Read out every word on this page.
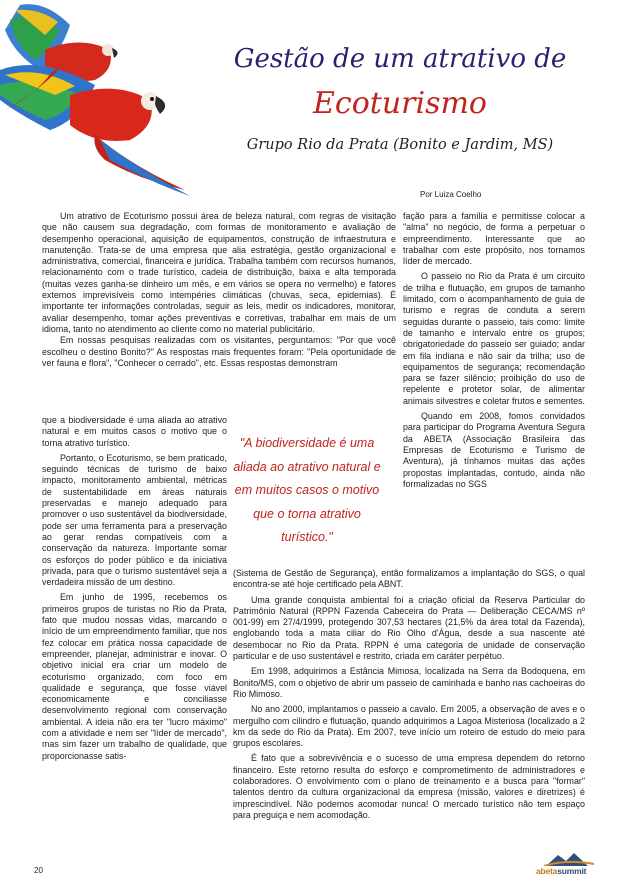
Gestão de um atrativo de
Ecoturismo
Grupo Rio da Prata (Bonito e Jardim, MS)
Por Luiza Coelho

Um atrativo de Ecoturismo possui área de beleza natural, com regras de visitação que não causem sua degradação, com formas de monitoramento e avaliação de desempenho operacional, aquisição de equipamentos, construção de infraestrutura e manutenção. Trata-se de uma empresa que alia estratégia, gestão organizacional e administrativa, comercial, financeira e jurídica. Trabalha também com recursos humanos, relacionamento com o trade turístico, cadeia de distribuição, baixa e alta temporada (muitas vezes ganha-se dinheiro um mês, e em vários se opera no vermelho) e fatores externos imprevisíveis como intempéries climáticas (chuvas, seca, epidemias). É importante ter informações controladas, seguir as leis, medir os indicadores, monitorar, avaliar desempenho, tomar ações preventivas e corretivas, trabalhar em mais de um idioma, tanto no atendimento ao cliente como no material publicitário.

Em nossas pesquisas realizadas com os visitantes, perguntamos: "Por que você escolheu o destino Bonito?" As respostas mais frequentes foram: "Pela oportunidade de ver fauna e flora", "Conhecer o cerrado", etc. Essas respostas demonstram

que a biodiversidade é uma aliada ao atrativo natural e em muitos casos o motivo que o torna atrativo turístico.

Portanto, o Ecoturismo, se bem praticado, seguindo técnicas de turismo de baixo impacto, monitoramento ambiental, métricas de sustentabilidade em áreas naturais preservadas e manejo adequado para promover o uso sustentável da biodiversidade, pode ser uma ferramenta para a preservação ao gerar rendas compatíveis com a conservação da natureza. Importante somar os esforços do poder público e da iniciativa privada, para que o turismo sustentável seja a verdadeira missão de um destino.

Em junho de 1995, recebemos os primeiros grupos de turistas no Rio da Prata, fato que mudou nossas vidas, marcando o início de um empreendimento familiar, que nos fez colocar em prática nossa capacidade de empreender, planejar, administrar e inovar. O objetivo inicial era criar um modelo de ecoturismo organizado, com foco em qualidade e segurança, que fosse viável economicamente e conciliasse desenvolvimento regional com conservação ambiental. A ideia não era ter "lucro máximo" com a atividade e nem ser "líder de mercado", mas sim fazer um trabalho de qualidade, que proporcionasse satis-

"A biodiversidade é uma aliada ao atrativo natural e em muitos casos o motivo que o torna atrativo turístico."

fação para a família e permitisse colocar a "alma" no negócio, de forma a perpetuar o empreendimento. Interessante que ao trabalhar com este propósito, nos tornamos líder de mercado.

O passeio no Rio da Prata é um circuito de trilha e flutuação, em grupos de tamanho limitado, com o acompanhamento de guia de turismo e regras de conduta a serem seguidas durante o passeio, tais como: limite de tamanho e intervalo entre os grupos; obrigatoriedade do passeio ser guiado; andar em fila indiana e não sair da trilha; uso de equipamentos de segurança; recomendação para se fazer silêncio; proibição do uso de repelente e protetor solar, de alimentar animais silvestres e coletar frutos e sementes.

Quando em 2008, fomos convidados para participar do Programa Aventura Segura da ABETA (Associação Brasileira das Empresas de Ecoturismo e Turismo de Aventura), já tínhamos muitas das ações propostas implantadas, contudo, ainda não formalizadas no SGS

(Sistema de Gestão de Segurança), então formalizamos a implantação do SGS, o qual encontra-se até hoje certificado pela ABNT.

Uma grande conquista ambiental foi a criação oficial da Reserva Particular do Patrimônio Natural (RPPN Fazenda Cabeceira do Prata — Deliberação CECA/MS nº 001-99) em 27/4/1999, protegendo 307,53 hectares (21,5% da área total da Fazenda), englobando toda a mata ciliar do Rio Olho d'Água, desde a sua nascente até desembocar no Rio da Prata. RPPN é uma categoria de unidade de conservação particular e de uso sustentável e restrito, criada em caráter perpétuo.

Em 1998, adquirimos a Estância Mimosa, localizada na Serra da Bodoquena, em Bonito/MS, com o objetivo de abrir um passeio de caminhada e banho nas cachoeiras do Rio Mimoso.

No ano 2000, implantamos o passeio a cavalo. Em 2005, a observação de aves e o mergulho com cilindro e flutuação, quando adquirimos a Lagoa Misteriosa (localizado a 2 km da sede do Rio da Prata). Em 2007, teve início um roteiro de estudo do meio para grupos escolares.

É fato que a sobrevivência e o sucesso de uma empresa dependem do retorno financeiro. Este retorno resulta do esforço e comprometimento de administradores e colaboradores. O envolvimento com o plano de treinamento e a busca para "formar" talentos dentro da cultura organizacional da empresa (missão, valores e diretrizes) é imprescindível. Não podemos acomodar nunca! O mercado turístico não tem espaço para preguiça e nem acomodação.

20	abetasummit
